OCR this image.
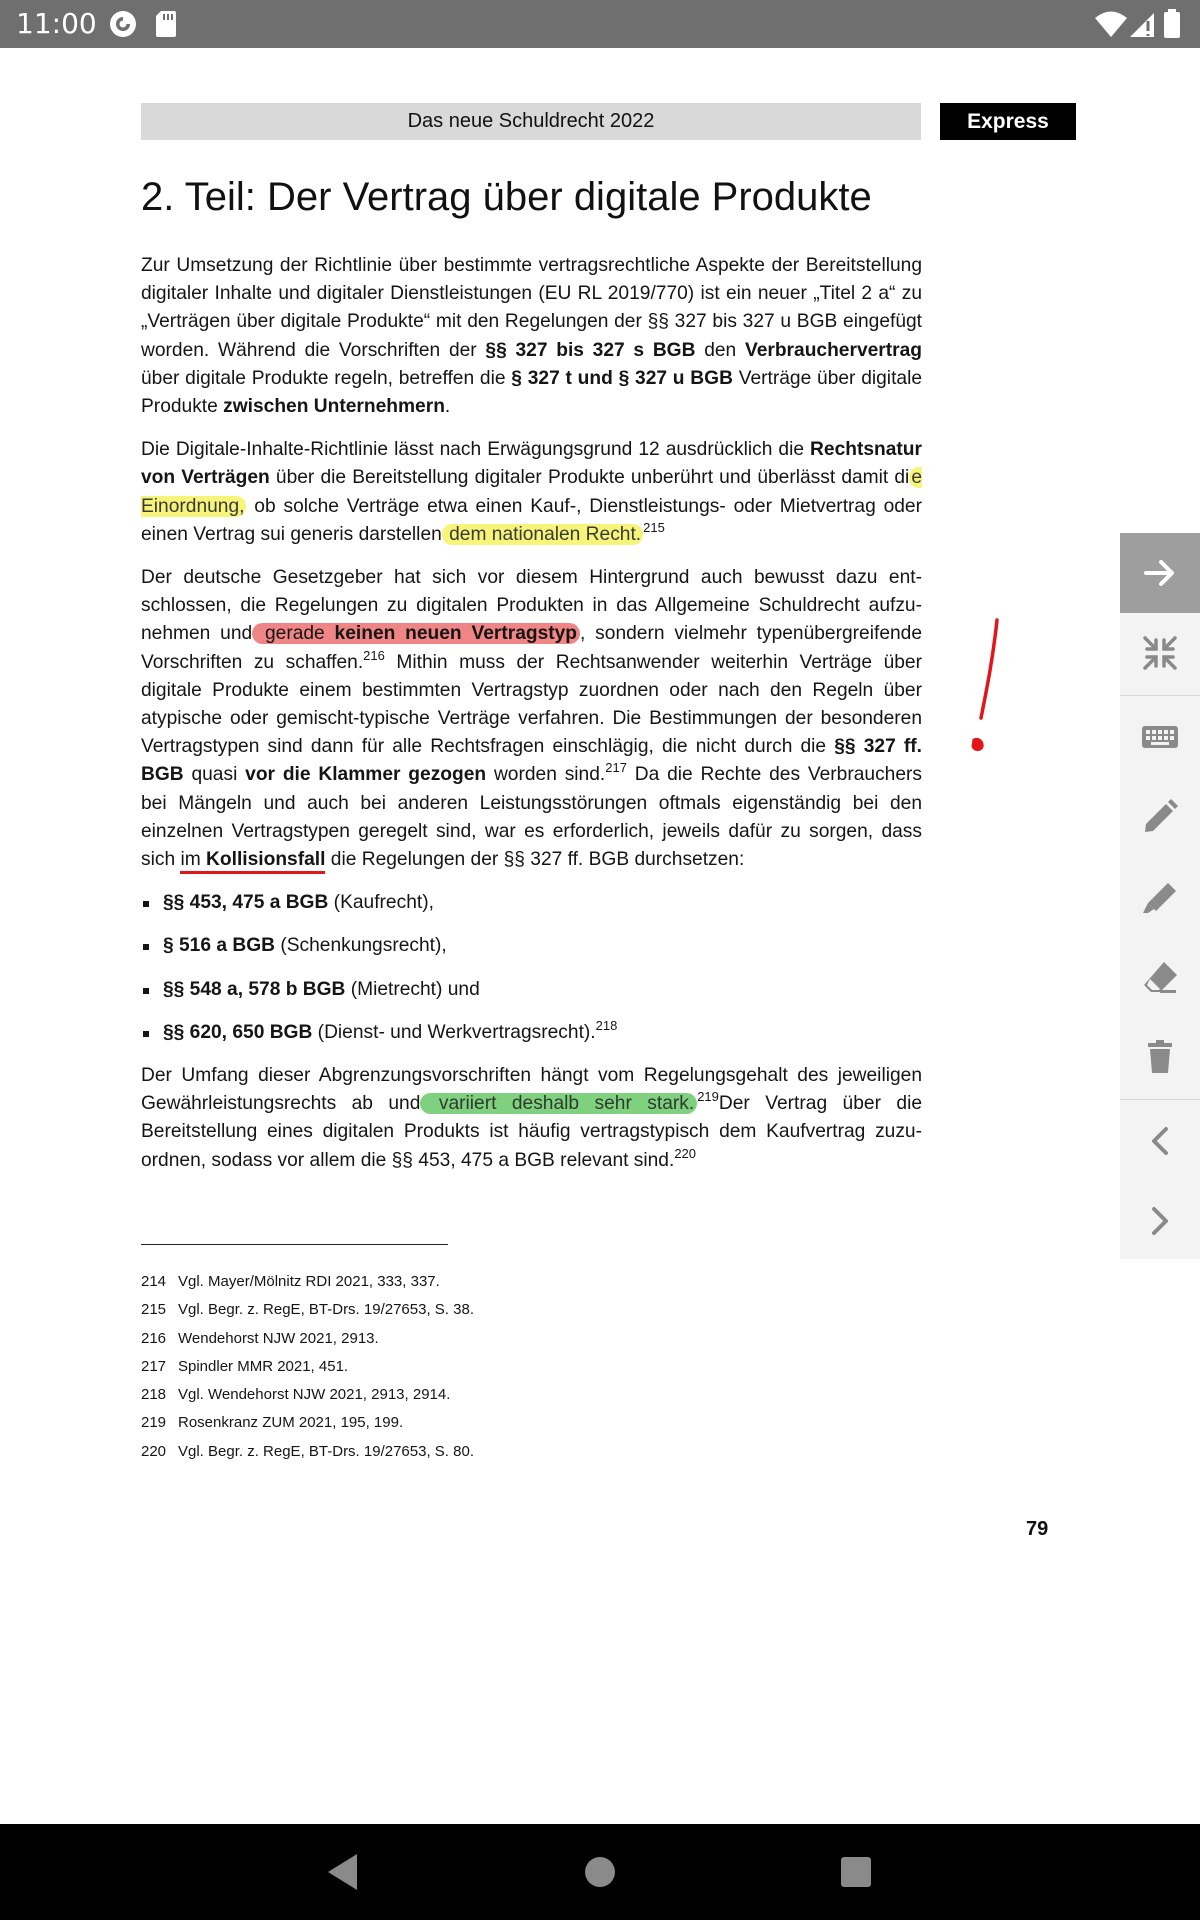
11:00
Das neue Schuldrecht 2022	Express
2. Teil: Der Vertrag über digitale Produkte

Zur Umsetzung der Richtlinie über bestimmte vertragsrechtliche Aspekte der Bereitstellung digitaler Inhalte und digitaler Dienstleistungen (EU RL 2019/770) ist ein neuer „Titel 2 a“ zu „Verträgen über digitale Produkte“ mit den Regelungen der §§ 327 bis 327 u BGB eingefügt worden. Während die Vorschriften der §§ 327 bis 327 s BGB den Verbrauchervertrag über digitale Produkte regeln, betreffen die § 327 t und § 327 u BGB Verträge über digitale Produkte zwischen Unternehmern.

Die Digitale-Inhalte-Richtlinie lässt nach Erwägungsgrund 12 ausdrücklich die Rechtsnatur von Verträgen über die Bereitstellung digitaler Produkte unberührt und überlässt damit di e Einordnung, ob solche Verträge etwa einen Kauf-, Dienstleistungs- oder Mietvertrag oder einen Vertrag sui generis darstellen dem nationalen Recht. $^{215}$

Der deutsche Gesetzgeber hat sich vor diesem Hintergrund auch bewusst dazu entschlossen, die Regelungen zu digitalen Produkten in das Allgemeine Schuldrecht aufzunehmen und gerade keinen neuen Vertragstyp , sondern vielmehr typenübergreifende Vorschriften zu schaffen.$^{216}$ Mithin muss der Rechtsanwender weiterhin Verträge über digitale Produkte einem bestimmten Vertragstyp zuordnen oder nach den Regeln über atypische oder gemischt-typische Verträge verfahren. Die Bestimmungen der besonderen Vertragstypen sind dann für alle Rechtsfragen einschlägig, die nicht durch die §§ 327 ff. BGB quasi vor die Klammer gezogen worden sind.$^{217}$ Da die Rechte des Verbrauchers bei Mängeln und auch bei anderen Leistungsstörungen oftmals eigenständig bei den einzelnen Vertragstypen geregelt sind, war es erforderlich, jeweils dafür zu sorgen, dass sich im Kollisionsfall die Regelungen der §§ 327 ff. BGB durchsetzen:

§§ 453, 475 a BGB (Kaufrecht),
§ 516 a BGB (Schenkungsrecht),
§§ 548 a, 578 b BGB (Mietrecht) und
§§ 620, 650 BGB (Dienst- und Werkvertragsrecht).$^{218}$

Der Umfang dieser Abgrenzungsvorschriften hängt vom Regelungsgehalt des jeweiligen Gewährleistungsrechts ab und variiert deshalb sehr stark. $^{219}$Der Vertrag über die Bereitstellung eines digitalen Produkts ist häufig vertragstypisch dem Kaufvertrag zuzuordnen, sodass vor allem die §§ 453, 475 a BGB relevant sind.$^{220}$

214 Vgl. Mayer/Mölnitz RDI 2021, 333, 337.
215 Vgl. Begr. z. RegE, BT-Drs. 19/27653, S. 38.
216 Wendehorst NJW 2021, 2913.
217 Spindler MMR 2021, 451.
218 Vgl. Wendehorst NJW 2021, 2913, 2914.
219 Rosenkranz ZUM 2021, 195, 199.
220 Vgl. Begr. z. RegE, BT-Drs. 19/27653, S. 80.
79
